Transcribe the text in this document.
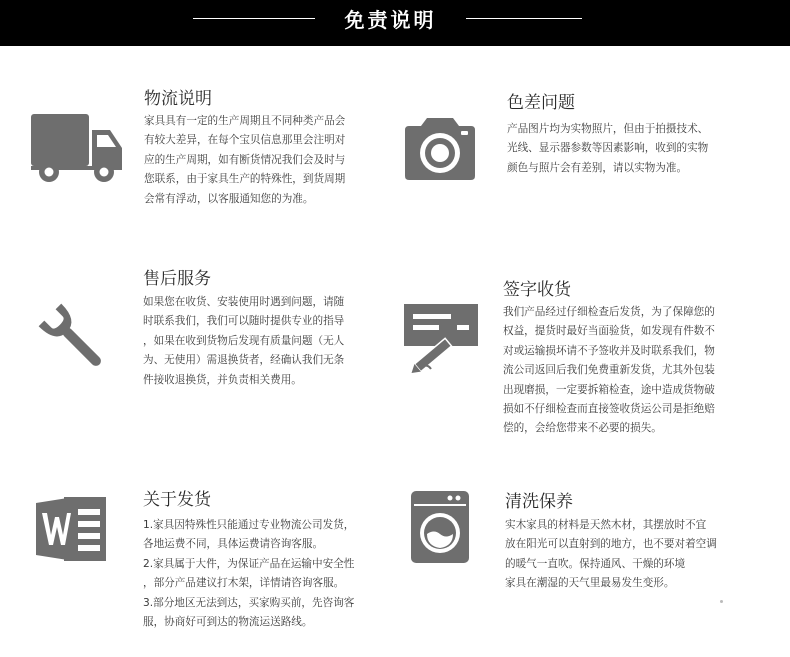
免责说明
物流说明
家具具有一定的生产周期且不同种类产品会
有较大差异，在每个宝贝信息那里会注明对
应的生产周期，如有断货情况我们会及时与
您联系，由于家具生产的特殊性，到货周期
会常有浮动，以客服通知您的为准。
色差问题
产品图片均为实物照片，但由于拍摄技术、
光线、显示器参数等因素影响，收到的实物
颜色与照片会有差别，请以实物为准。
售后服务
如果您在收货、安装使用时遇到问题，请随
时联系我们，我们可以随时提供专业的指导
，如果在收到货物后发现有质量问题（无人
为、无使用）需退换货者，经确认我们无条
件接收退换货，并负责相关费用。
签字收货
我们产品经过仔细检查后发货，为了保障您的
权益，提货时最好当面验货，如发现有件数不
对或运输损坏请不予签收并及时联系我们，物
流公司返回后我们免费重新发货，尤其外包装
出现磨损，一定要拆箱检查，途中造成货物破
损如不仔细检查而直接签收货运公司是拒绝赔
偿的，会给您带来不必要的损失。
关于发货
1.家具因特殊性只能通过专业物流公司发货，
各地运费不同，具体运费请咨询客服。
2.家具属于大件，为保证产品在运输中安全性
，部分产品建议打木架，详情请咨询客服。
3.部分地区无法到达，买家购买前，先咨询客
服，协商好可到达的物流运送路线。
清洗保养
实木家具的材料是天然木材，其摆放时不宜
放在阳光可以直射到的地方，也不要对着空调
的暖气一直吹。保持通风、干燥的环境
家具在潮湿的天气里最易发生变形。
